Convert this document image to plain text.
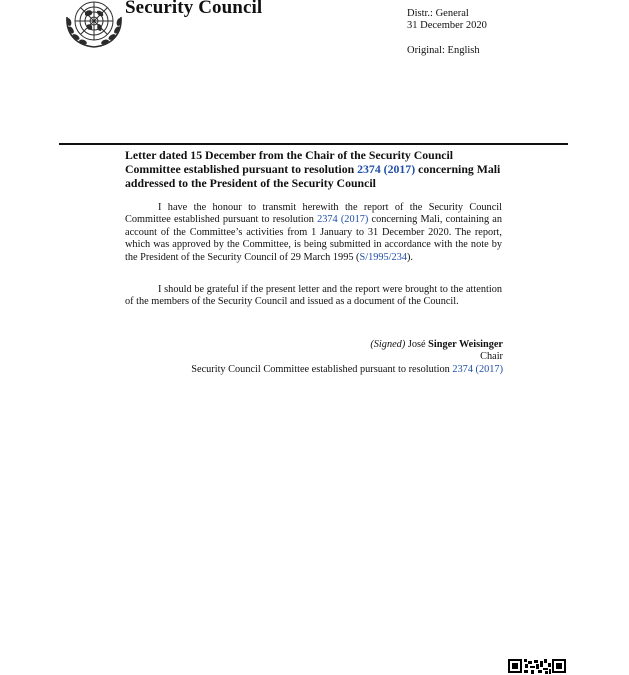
Security Council	Distr.: General
31 December 2020
Original: English
Letter dated 15 December from the Chair of the Security Council Committee established pursuant to resolution 2374 (2017) concerning Mali addressed to the President of the Security Council

I have the honour to transmit herewith the report of the Security Council Committee established pursuant to resolution 2374 (2017) concerning Mali, containing an account of the Committee’s activities from 1 January to 31 December 2020. The report, which was approved by the Committee, is being submitted in accordance with the note by the President of the Security Council of 29 March 1995 (S/1995/234).

I should be grateful if the present letter and the report were brought to the attention of the members of the Security Council and issued as a document of the Council.

(Signed) José Singer Weisinger
Chair
Security Council Committee established pursuant to resolution 2374 (2017)
